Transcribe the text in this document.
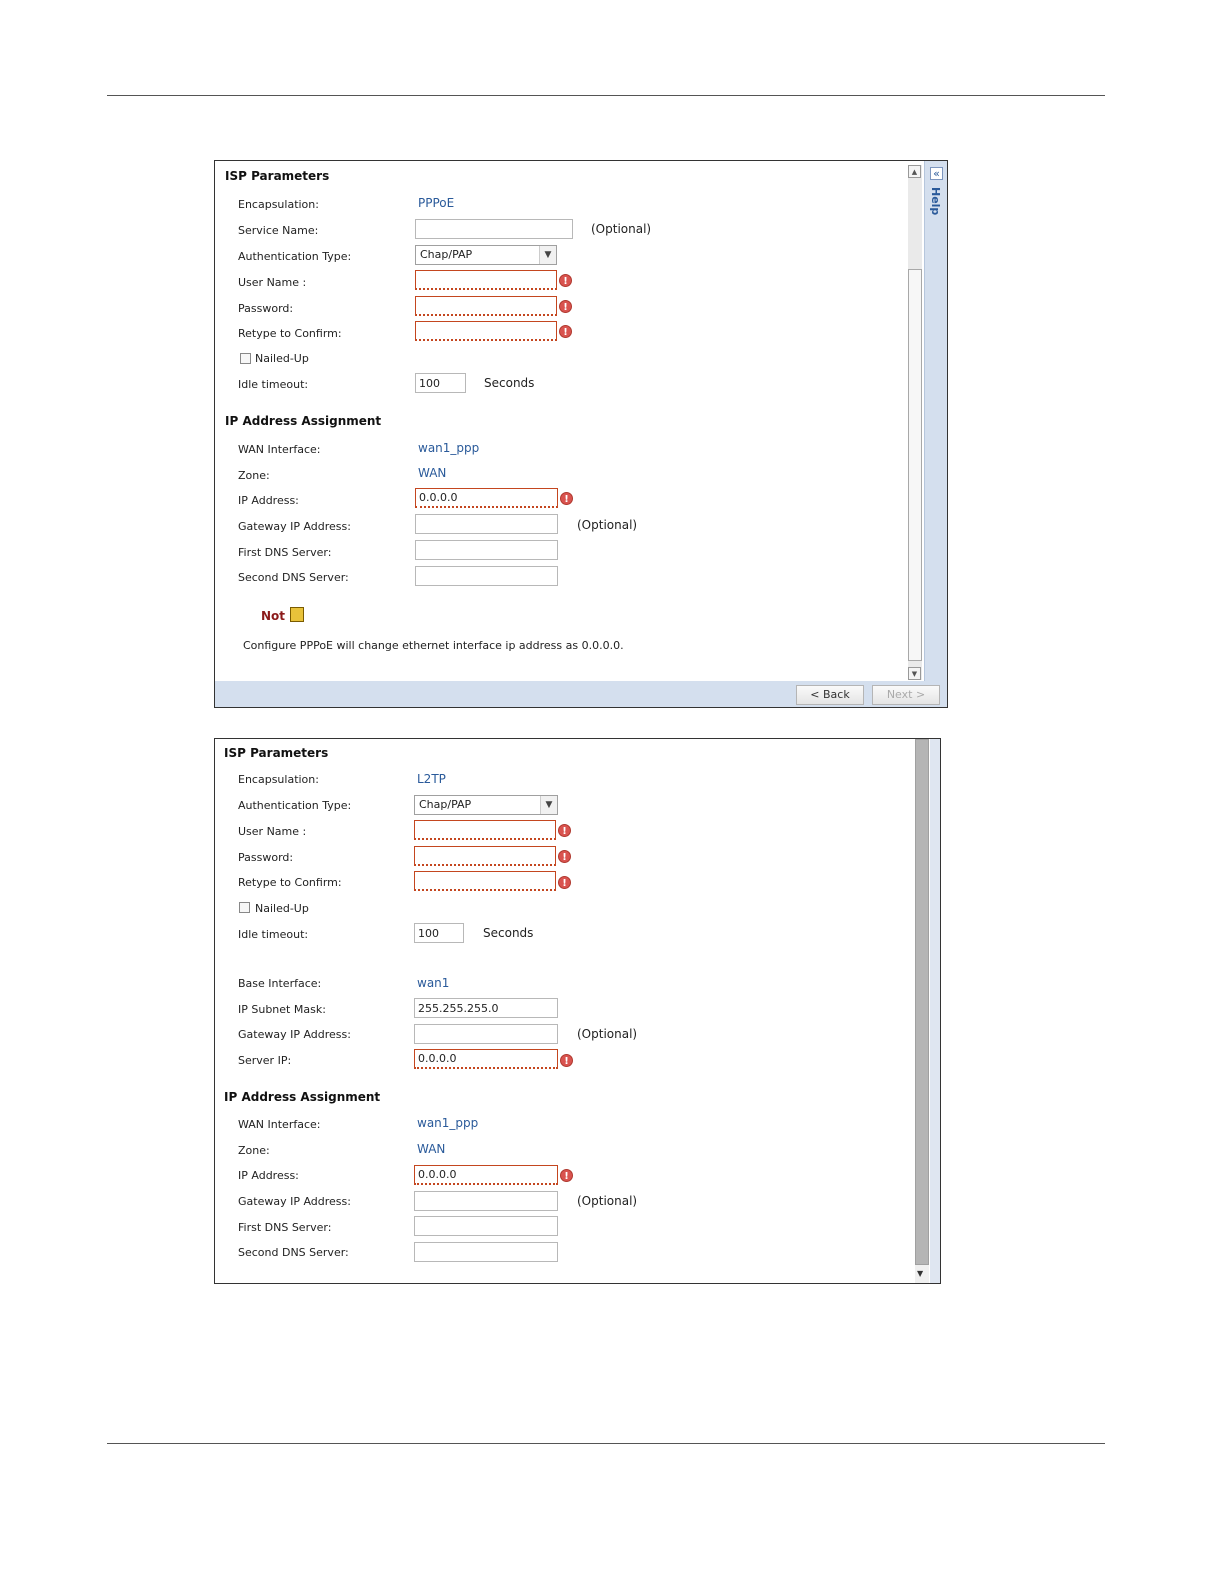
ISP Parameters
Encapsulation:	PPPoE
Service Name:	(Optional)
Authentication Type:	Chap/PAP	▼
User Name :	!
Password:	!
Retype to Confirm:	!
Nailed-Up
Idle timeout:
100	Seconds
IP Address Assignment
WAN Interface:	wan1_ppp
Zone:	WAN
IP Address:
0.0.0.0	!
Gateway IP Address:	(Optional)
First DNS Server:
Second DNS Server:
Not
Configure PPPoE will change ethernet interface ip address as 0.0.0.0.
▲
▼
«
Help
< Back	Next >
ISP Parameters
Encapsulation:	L2TP
Authentication Type:	Chap/PAP	▼
User Name :	!
Password:	!
Retype to Confirm:	!
Nailed-Up
Idle timeout:
100	Seconds
Base Interface:	wan1
IP Subnet Mask:
255.255.255.0
Gateway IP Address:	(Optional)
Server IP:
0.0.0.0	!
IP Address Assignment
WAN Interface:	wan1_ppp
Zone:	WAN
IP Address:
0.0.0.0	!
Gateway IP Address:	(Optional)
First DNS Server:
Second DNS Server:
▼
